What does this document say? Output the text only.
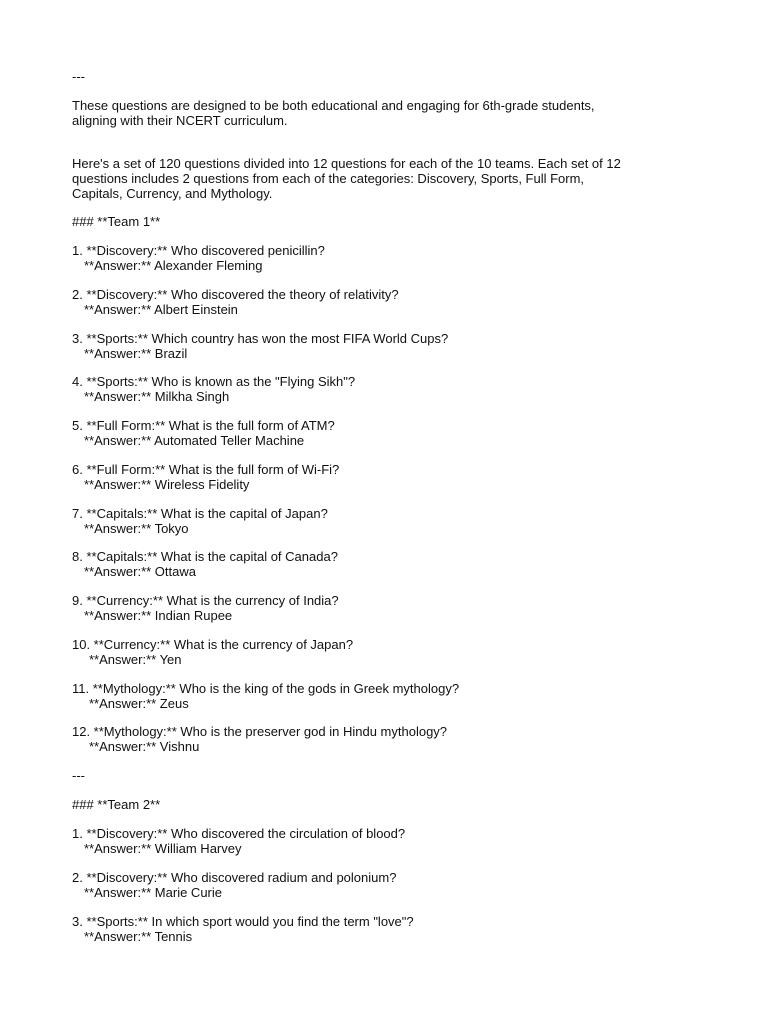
---
These questions are designed to be both educational and engaging for 6th-grade students,
aligning with their NCERT curriculum.
Here's a set of 120 questions divided into 12 questions for each of the 10 teams. Each set of 12
questions includes 2 questions from each of the categories: Discovery, Sports, Full Form,
Capitals, Currency, and Mythology.
### **Team 1**
1. **Discovery:** Who discovered penicillin?
**Answer:** Alexander Fleming
2. **Discovery:** Who discovered the theory of relativity?
**Answer:** Albert Einstein
3. **Sports:** Which country has won the most FIFA World Cups?
**Answer:** Brazil
4. **Sports:** Who is known as the "Flying Sikh"?
**Answer:** Milkha Singh
5. **Full Form:** What is the full form of ATM?
**Answer:** Automated Teller Machine
6. **Full Form:** What is the full form of Wi-Fi?
**Answer:** Wireless Fidelity
7. **Capitals:** What is the capital of Japan?
**Answer:** Tokyo
8. **Capitals:** What is the capital of Canada?
**Answer:** Ottawa
9. **Currency:** What is the currency of India?
**Answer:** Indian Rupee
10. **Currency:** What is the currency of Japan?
**Answer:** Yen
11. **Mythology:** Who is the king of the gods in Greek mythology?
**Answer:** Zeus
12. **Mythology:** Who is the preserver god in Hindu mythology?
**Answer:** Vishnu
---
### **Team 2**
1. **Discovery:** Who discovered the circulation of blood?
**Answer:** William Harvey
2. **Discovery:** Who discovered radium and polonium?
**Answer:** Marie Curie
3. **Sports:** In which sport would you find the term "love"?
**Answer:** Tennis
